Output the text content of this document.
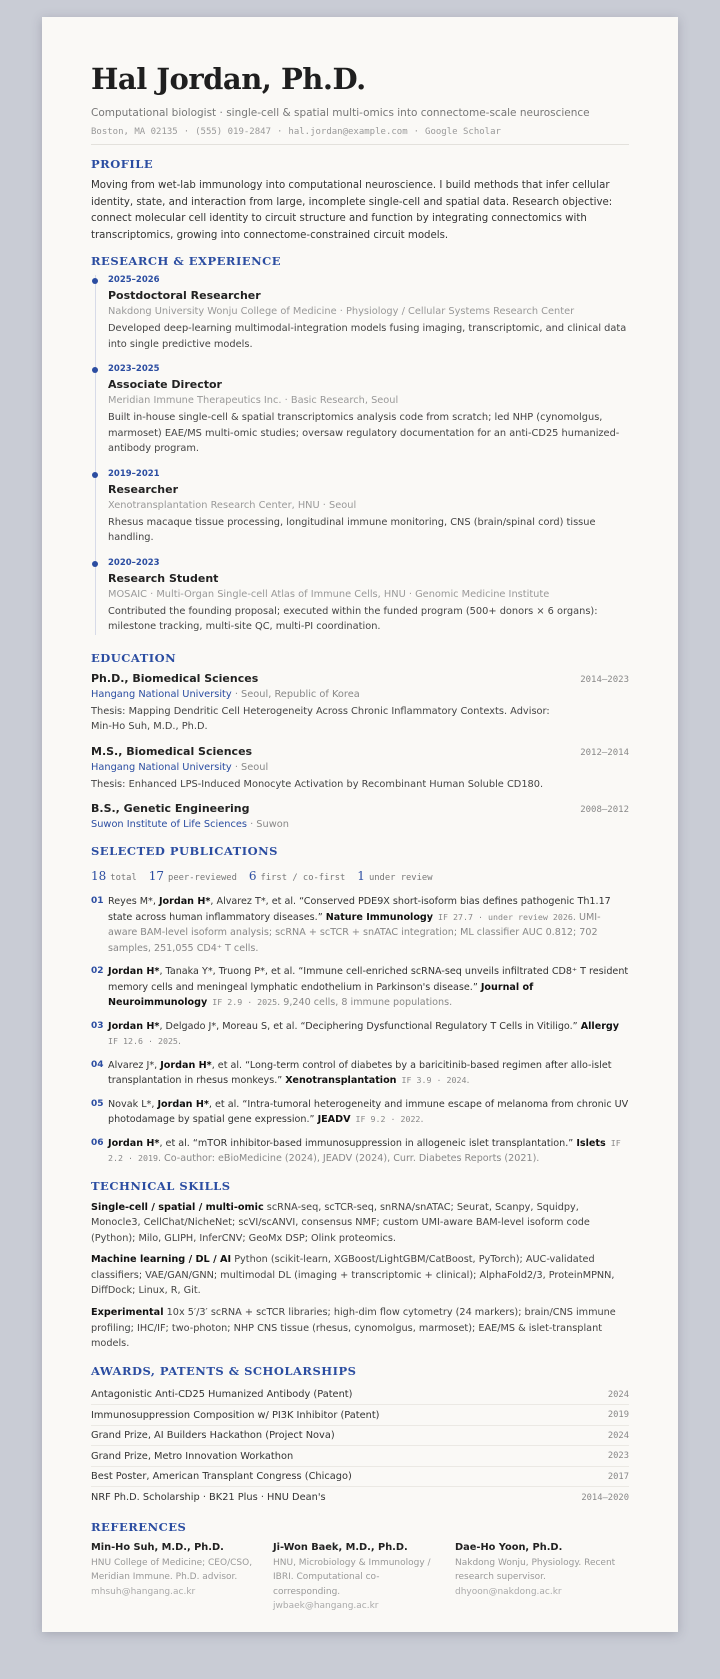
Hal Jordan, Ph.D.
Computational biologist · single-cell & spatial multi-omics into connectome-scale neuroscience
Boston, MA 02135 · (555) 019-2847 · hal.jordan@example.com · Google Scholar
PROFILE

Moving from wet-lab immunology into computational neuroscience. I build methods that infer cellular identity, state, and interaction from large, incomplete single-cell and spatial data. Research objective: connect molecular cell identity to circuit structure and function by integrating connectomics with transcriptomics, growing into connectome-constrained circuit models.

RESEARCH & EXPERIENCE
2025–2026
Postdoctoral Researcher
Nakdong University Wonju College of Medicine · Physiology / Cellular Systems Research Center
Developed deep-learning multimodal-integration models fusing imaging, transcriptomic, and clinical data into single predictive models.
2023–2025
Associate Director
Meridian Immune Therapeutics Inc. · Basic Research, Seoul
Built in-house single-cell & spatial transcriptomics analysis code from scratch; led NHP (cynomolgus, marmoset) EAE/MS multi-omic studies; oversaw regulatory documentation for an anti-CD25 humanized-antibody program.
2019–2021
Researcher
Xenotransplantation Research Center, HNU · Seoul
Rhesus macaque tissue processing, longitudinal immune monitoring, CNS (brain/spinal cord) tissue handling.
2020–2023
Research Student
MOSAIC · Multi-Organ Single-cell Atlas of Immune Cells, HNU · Genomic Medicine Institute
Contributed the founding proposal; executed within the funded program (500+ donors × 6 organs): milestone tracking, multi-site QC, multi-PI coordination.
EDUCATION
Ph.D., Biomedical Sciences	2014–2023
Hangang National University · Seoul, Republic of Korea
Thesis: Mapping Dendritic Cell Heterogeneity Across Chronic Inflammatory Contexts. Advisor: Min-Ho Suh, M.D., Ph.D.
M.S., Biomedical Sciences	2012–2014
Hangang National University · Seoul
Thesis: Enhanced LPS-Induced Monocyte Activation by Recombinant Human Soluble CD180.
B.S., Genetic Engineering	2008–2012
Suwon Institute of Life Sciences · Suwon
SELECTED PUBLICATIONS
18 total 17 peer-reviewed 6 first / co-first 1 under review
01 Reyes M*, Jordan H*, Alvarez T*, et al. “Conserved PDE9X short-isoform bias defines pathogenic Th1.17 state across human inflammatory diseases.” Nature Immunology IF 27.7 · under review 2026. UMI-aware BAM-level isoform analysis; scRNA + scTCR + snATAC integration; ML classifier AUC 0.812; 702 samples, 251,055 CD4⁺ T cells.
02 Jordan H*, Tanaka Y*, Truong P*, et al. “Immune cell-enriched scRNA-seq unveils infiltrated CD8⁺ T resident memory cells and meningeal lymphatic endothelium in Parkinson's disease.” Journal of Neuroimmunology IF 2.9 · 2025. 9,240 cells, 8 immune populations.
03 Jordan H*, Delgado J*, Moreau S, et al. “Deciphering Dysfunctional Regulatory T Cells in Vitiligo.” Allergy IF 12.6 · 2025.
04 Alvarez J*, Jordan H*, et al. “Long-term control of diabetes by a baricitinib-based regimen after allo-islet transplantation in rhesus monkeys.” Xenotransplantation IF 3.9 · 2024.
05 Novak L*, Jordan H*, et al. “Intra-tumoral heterogeneity and immune escape of melanoma from chronic UV photodamage by spatial gene expression.” JEADV IF 9.2 · 2022.
06 Jordan H*, et al. “mTOR inhibitor-based immunosuppression in allogeneic islet transplantation.” Islets IF 2.2 · 2019. Co-author: eBioMedicine (2024), JEADV (2024), Curr. Diabetes Reports (2021).
TECHNICAL SKILLS

Single-cell / spatial / multi-omic scRNA-seq, scTCR-seq, snRNA/snATAC; Seurat, Scanpy, Squidpy, Monocle3, CellChat/NicheNet; scVI/scANVI, consensus NMF; custom UMI-aware BAM-level isoform code (Python); Milo, GLIPH, InferCNV; GeoMx DSP; Olink proteomics.

Machine learning / DL / AI Python (scikit-learn, XGBoost/LightGBM/CatBoost, PyTorch); AUC-validated classifiers; VAE/GAN/GNN; multimodal DL (imaging + transcriptomic + clinical); AlphaFold2/3, ProteinMPNN, DiffDock; Linux, R, Git.

Experimental 10x 5′/3′ scRNA + scTCR libraries; high-dim flow cytometry (24 markers); brain/CNS immune profiling; IHC/IF; two-photon; NHP CNS tissue (rhesus, cynomolgus, marmoset); EAE/MS & islet-transplant models.

AWARDS, PATENTS & SCHOLARSHIPS
Antagonistic Anti-CD25 Humanized Antibody (Patent)	2024
Immunosuppression Composition w/ PI3K Inhibitor (Patent)	2019
Grand Prize, AI Builders Hackathon (Project Nova)	2024
Grand Prize, Metro Innovation Workathon	2023
Best Poster, American Transplant Congress (Chicago)	2017
NRF Ph.D. Scholarship · BK21 Plus · HNU Dean's	2014–2020
REFERENCES
Min-Ho Suh, M.D., Ph.D.
HNU College of Medicine; CEO/CSO, Meridian Immune. Ph.D. advisor.
mhsuh@hangang.ac.kr
Ji-Won Baek, M.D., Ph.D.
HNU, Microbiology & Immunology / IBRI. Computational co-corresponding.
jwbaek@hangang.ac.kr
Dae-Ho Yoon, Ph.D.
Nakdong Wonju, Physiology. Recent research supervisor.
dhyoon@nakdong.ac.kr
